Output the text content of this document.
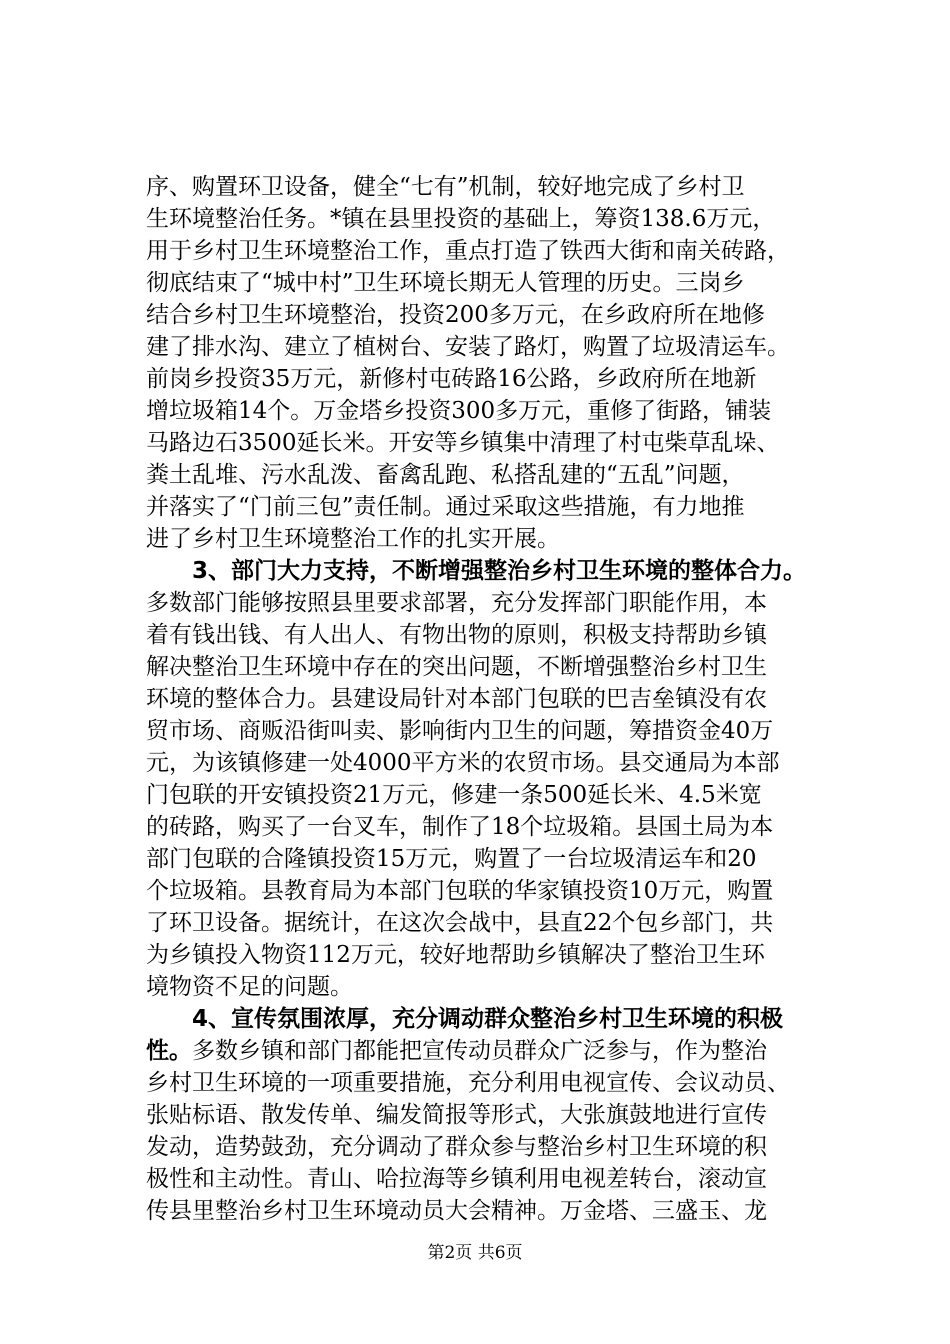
序、购置环卫设备，健全“七有”机制，较好地完成了乡村卫
生环境整治任务。*镇在县里投资的基础上，筹资138.6万元，
用于乡村卫生环境整治工作，重点打造了铁西大街和南关砖路，
彻底结束了“城中村”卫生环境长期无人管理的历史。三岗乡
结合乡村卫生环境整治，投资200多万元，在乡政府所在地修
建了排水沟、建立了植树台、安装了路灯，购置了垃圾清运车。
前岗乡投资35万元，新修村屯砖路16公路，乡政府所在地新
增垃圾箱14个。万金塔乡投资300多万元，重修了街路，铺装
马路边石3500延长米。开安等乡镇集中清理了村屯柴草乱垛、
粪土乱堆、污水乱泼、畜禽乱跑、私搭乱建的“五乱”问题，
并落实了“门前三包”责任制。通过采取这些措施，有力地推
进了乡村卫生环境整治工作的扎实开展。
3、部门大力支持，不断增强整治乡村卫生环境的整体合力。
多数部门能够按照县里要求部署，充分发挥部门职能作用，本
着有钱出钱、有人出人、有物出物的原则，积极支持帮助乡镇
解决整治卫生环境中存在的突出问题，不断增强整治乡村卫生
环境的整体合力。县建设局针对本部门包联的巴吉垒镇没有农
贸市场、商贩沿街叫卖、影响街内卫生的问题，筹措资金40万
元，为该镇修建一处4000平方米的农贸市场。县交通局为本部
门包联的开安镇投资21万元，修建一条500延长米、4.5米宽
的砖路，购买了一台叉车，制作了18个垃圾箱。县国土局为本
部门包联的合隆镇投资15万元，购置了一台垃圾清运车和20
个垃圾箱。县教育局为本部门包联的华家镇投资10万元，购置
了环卫设备。据统计，在这次会战中，县直22个包乡部门，共
为乡镇投入物资112万元，较好地帮助乡镇解决了整治卫生环
境物资不足的问题。
4、宣传氛围浓厚，充分调动群众整治乡村卫生环境的积极
性。多数乡镇和部门都能把宣传动员群众广泛参与，作为整治
乡村卫生环境的一项重要措施，充分利用电视宣传、会议动员、
张贴标语、散发传单、编发简报等形式，大张旗鼓地进行宣传
发动，造势鼓劲，充分调动了群众参与整治乡村卫生环境的积
极性和主动性。青山、哈拉海等乡镇利用电视差转台，滚动宣
传县里整治乡村卫生环境动员大会精神。万金塔、三盛玉、龙
第2页 共6页
